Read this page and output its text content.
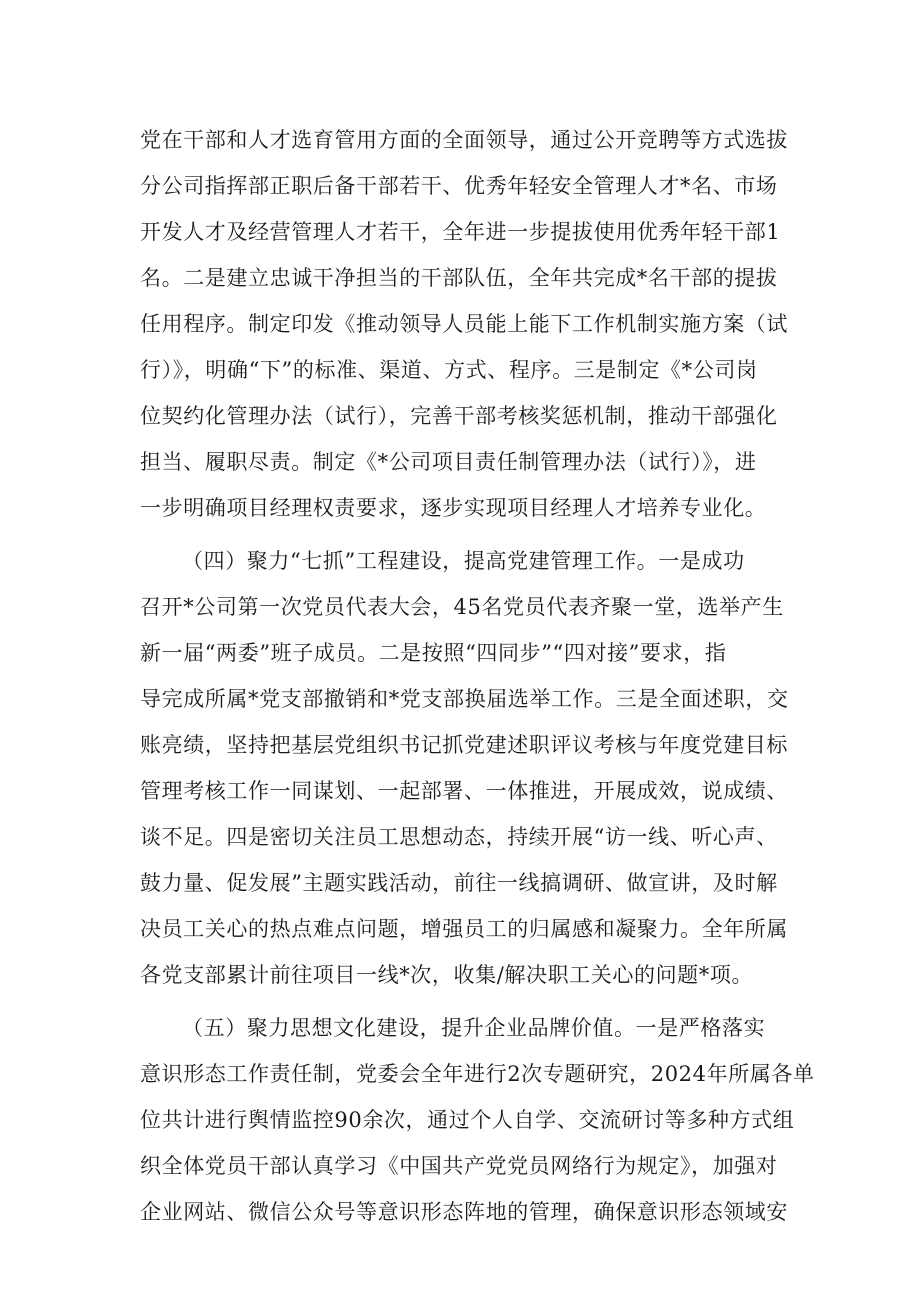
党在干部和人才选育管用方面的全面领导，通过公开竞聘等方式选拔
分公司指挥部正职后备干部若干、优秀年轻安全管理人才*名、市场
开发人才及经营管理人才若干，全年进一步提拔使用优秀年轻干部1
名。二是建立忠诚干净担当的干部队伍，全年共完成*名干部的提拔
任用程序。制定印发《推动领导人员能上能下工作机制实施方案（试
行）》，明确“下”的标准、渠道、方式、程序。三是制定《*公司岗
位契约化管理办法（试行），完善干部考核奖惩机制，推动干部强化
担当、履职尽责。制定《*公司项目责任制管理办法（试行）》，进
一步明确项目经理权责要求，逐步实现项目经理人才培养专业化。
（四）聚力“七抓”工程建设，提高党建管理工作。一是成功
召开*公司第一次党员代表大会，45名党员代表齐聚一堂，选举产生
新一届“两委”班子成员。二是按照“四同步”“四对接”要求，指
导完成所属*党支部撤销和*党支部换届选举工作。三是全面述职，交
账亮绩，坚持把基层党组织书记抓党建述职评议考核与年度党建目标
管理考核工作一同谋划、一起部署、一体推进，开展成效，说成绩、
谈不足。四是密切关注员工思想动态，持续开展“访一线、听心声、
鼓力量、促发展”主题实践活动，前往一线搞调研、做宣讲，及时解
决员工关心的热点难点问题，增强员工的归属感和凝聚力。全年所属
各党支部累计前往项目一线*次，收集/解决职工关心的问题*项。
（五）聚力思想文化建设，提升企业品牌价值。一是严格落实
意识形态工作责任制，党委会全年进行2次专题研究，2024年所属各单
位共计进行舆情监控90余次，通过个人自学、交流研讨等多种方式组
织全体党员干部认真学习《中国共产党党员网络行为规定》，加强对
企业网站、微信公众号等意识形态阵地的管理，确保意识形态领域安
